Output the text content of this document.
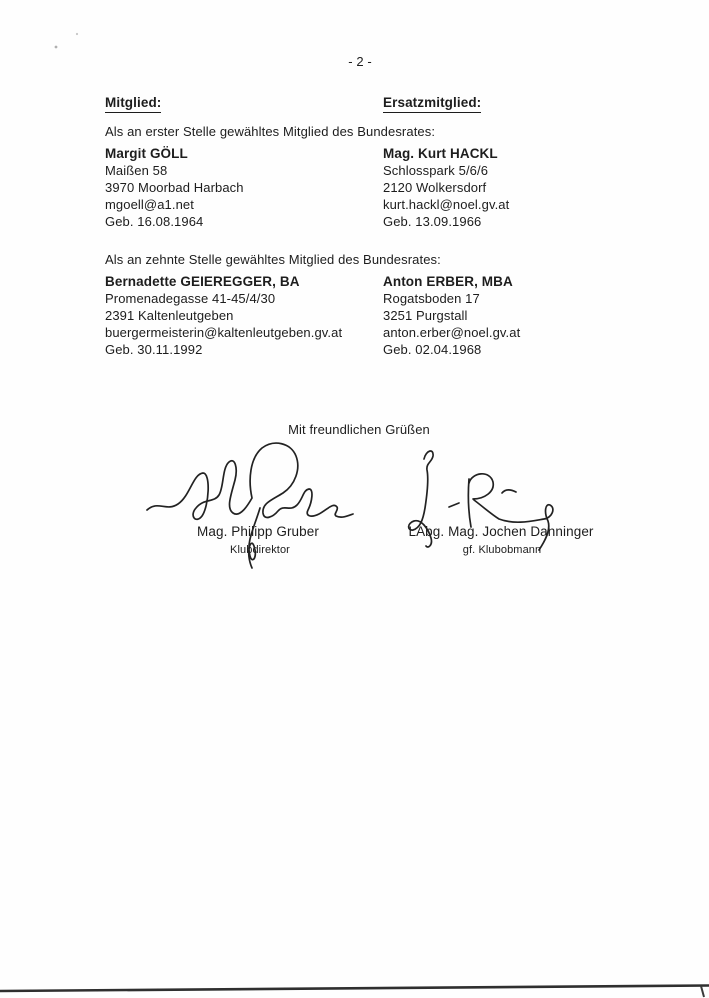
- 2 -
Mitglied:	Ersatzmitglied:
Als an erster Stelle gewähltes Mitglied des Bundesrates:
Margit GÖLL
Maißen 58
3970 Moorbad Harbach
mgoell@a1.net
Geb. 16.08.1964
Mag. Kurt HACKL
Schlosspark 5/6/6
2120 Wolkersdorf
kurt.hackl@noel.gv.at
Geb. 13.09.1966
Als an zehnte Stelle gewähltes Mitglied des Bundesrates:
Bernadette GEIEREGGER, BA
Promenadegasse 41-45/4/30
2391 Kaltenleutgeben
buergermeisterin@kaltenleutgeben.gv.at
Geb. 30.11.1992
Anton ERBER, MBA
Rogatsboden 17
3251 Purgstall
anton.erber@noel.gv.at
Geb. 02.04.1968
Mit freundlichen Grüßen
Mag. Philipp Gruber
Klubdirektor
LAbg. Mag. Jochen Danninger
gf. Klubobmann
